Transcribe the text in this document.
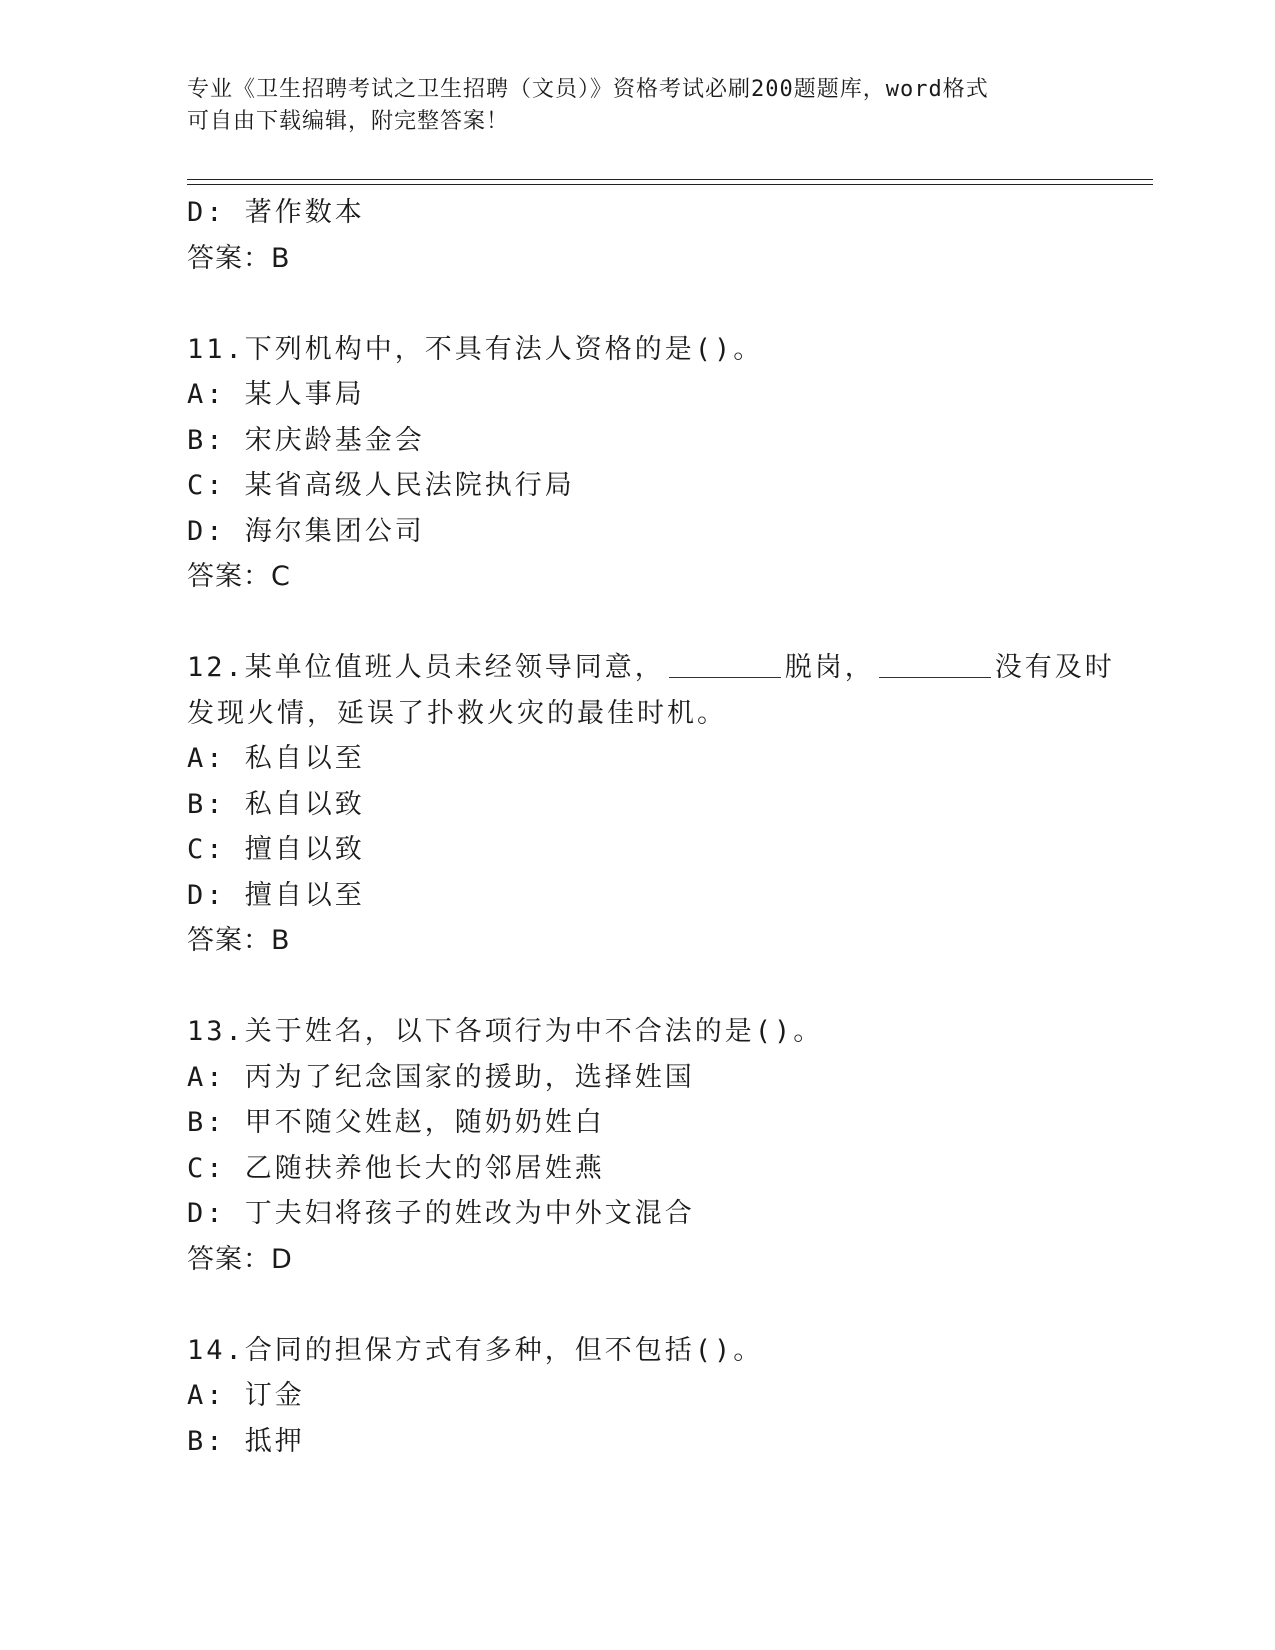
专业《卫生招聘考试之卫生招聘（文员）》资格考试必刷200题题库，word格式
可自由下载编辑，附完整答案！
D: 著作数本
答案：B
11.下列机构中，不具有法人资格的是()。
A: 某人事局
B: 宋庆龄基金会
C: 某省高级人民法院执行局
D: 海尔集团公司
答案：C
12.某单位值班人员未经领导同意，	脱岗，	没有及时
发现火情，延误了扑救火灾的最佳时机。
A: 私自以至
B: 私自以致
C: 擅自以致
D: 擅自以至
答案：B
13.关于姓名，以下各项行为中不合法的是()。
A: 丙为了纪念国家的援助，选择姓国
B: 甲不随父姓赵，随奶奶姓白
C: 乙随扶养他长大的邻居姓燕
D: 丁夫妇将孩子的姓改为中外文混合
答案：D
14.合同的担保方式有多种，但不包括()。
A: 订金
B: 抵押
